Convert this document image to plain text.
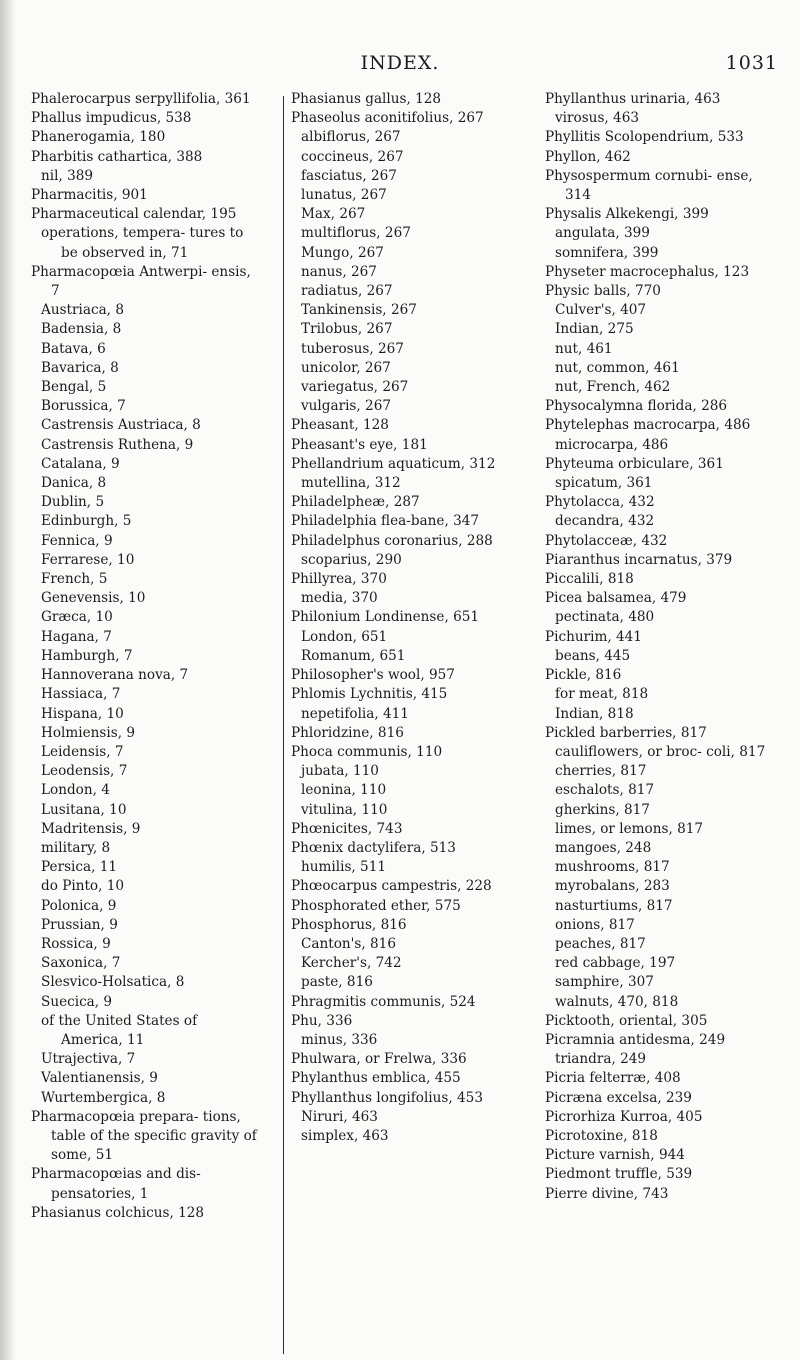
INDEX.	1031
Phalerocarpus serpyllifolia, 361
Phallus impudicus, 538
Phanerogamia, 180
Pharbitis cathartica, 388
nil, 389
Pharmacitis, 901
Pharmaceutical calendar, 195
operations, tempera- tures to be observed in, 71
Pharmacopœia Antwerpi- ensis, 7
Austriaca, 8
Badensia, 8
Batava, 6
Bavarica, 8
Bengal, 5
Borussica, 7
Castrensis Austriaca, 8
Castrensis Ruthena, 9
Catalana, 9
Danica, 8
Dublin, 5
Edinburgh, 5
Fennica, 9
Ferrarese, 10
French, 5
Genevensis, 10
Græca, 10
Hagana, 7
Hamburgh, 7
Hannoverana nova, 7
Hassiaca, 7
Hispana, 10
Holmiensis, 9
Leidensis, 7
Leodensis, 7
London, 4
Lusitana, 10
Madritensis, 9
military, 8
Persica, 11
do Pinto, 10
Polonica, 9
Prussian, 9
Rossica, 9
Saxonica, 7
Slesvico-Holsatica, 8
Suecica, 9
of the United States of America, 11
Utrajectiva, 7
Valentianensis, 9
Wurtembergica, 8
Pharmacopœia prepara- tions, table of the specific gravity of some, 51
Pharmacopœias and dis- pensatories, 1
Phasianus colchicus, 128
Phasianus gallus, 128
Phaseolus aconitifolius, 267
albiflorus, 267
coccineus, 267
fasciatus, 267
lunatus, 267
Max, 267
multiflorus, 267
Mungo, 267
nanus, 267
radiatus, 267
Tankinensis, 267
Trilobus, 267
tuberosus, 267
unicolor, 267
variegatus, 267
vulgaris, 267
Pheasant, 128
Pheasant's eye, 181
Phellandrium aquaticum, 312
mutellina, 312
Philadelpheæ, 287
Philadelphia flea-bane, 347
Philadelphus coronarius, 288
scoparius, 290
Phillyrea, 370
media, 370
Philonium Londinense, 651
London, 651
Romanum, 651
Philosopher's wool, 957
Phlomis Lychnitis, 415
nepetifolia, 411
Phloridzine, 816
Phoca communis, 110
jubata, 110
leonina, 110
vitulina, 110
Phœnicites, 743
Phœnix dactylifera, 513
humilis, 511
Phœocarpus campestris, 228
Phosphorated ether, 575
Phosphorus, 816
Canton's, 816
Kercher's, 742
paste, 816
Phragmitis communis, 524
Phu, 336
minus, 336
Phulwara, or Frelwa, 336
Phylanthus emblica, 455
Phyllanthus longifolius, 453
Niruri, 463
simplex, 463
Phyllanthus urinaria, 463
virosus, 463
Phyllitis Scolopendrium, 533
Phyllon, 462
Physospermum cornubi- ense, 314
Physalis Alkekengi, 399
angulata, 399
somnifera, 399
Physeter macrocephalus, 123
Physic balls, 770
Culver's, 407
Indian, 275
nut, 461
nut, common, 461
nut, French, 462
Physocalymna florida, 286
Phytelephas macrocarpa, 486
microcarpa, 486
Phyteuma orbiculare, 361
spicatum, 361
Phytolacca, 432
decandra, 432
Phytolacceæ, 432
Piaranthus incarnatus, 379
Piccalili, 818
Picea balsamea, 479
pectinata, 480
Pichurim, 441
beans, 445
Pickle, 816
for meat, 818
Indian, 818
Pickled barberries, 817
cauliflowers, or broc- coli, 817
cherries, 817
eschalots, 817
gherkins, 817
limes, or lemons, 817
mangoes, 248
mushrooms, 817
myrobalans, 283
nasturtiums, 817
onions, 817
peaches, 817
red cabbage, 197
samphire, 307
walnuts, 470, 818
Picktooth, oriental, 305
Picramnia antidesma, 249
triandra, 249
Picria felterræ, 408
Picræna excelsa, 239
Picrorhiza Kurroa, 405
Picrotoxine, 818
Picture varnish, 944
Piedmont truffle, 539
Pierre divine, 743
